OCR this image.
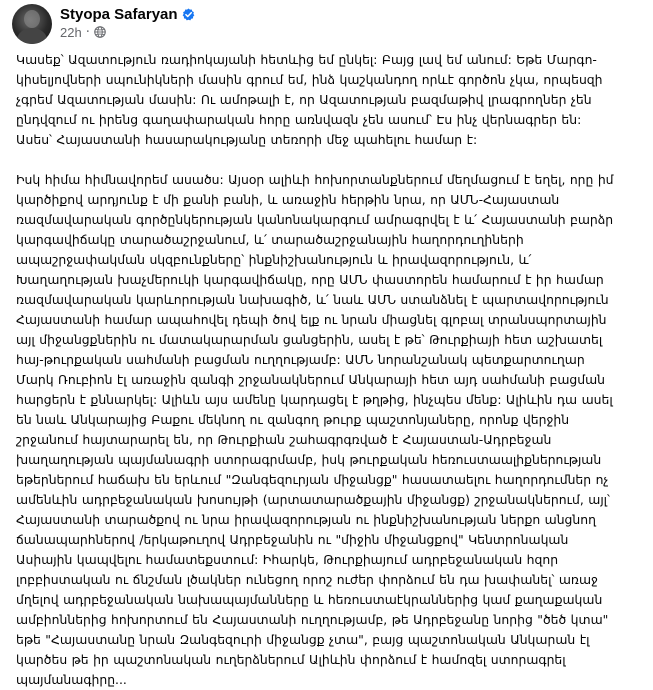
Styopa Safaryan
22h ·
Կասեք՝ Ազատություն ռադիոկայանի հետևից եմ ընկել: Բայց լավ եմ անում: Եթե Մարգո-
կիսելյովների սպունիկների մասին գրում եմ, ինձ կաշկանդող որևէ գործոն չկա, որպեսզի
չգրեմ Ազատության մասին: Ու ամոթալի է, որ Ազատության բազմաթիվ լրագրողներ չեն
ընդվզում ու իրենց գաղափարական հորը առնվազն չեն ասում՝ Էս ինչ վերնագրեր են:
Ասես՝ Հայաստանի հասարակությանը տեռորի մեջ պահելու համար է:
Իսկ հիմա հիմնավորեմ ասածս: Այսօր ալիևի հոխորտանքներում մեղմացում է եղել, որը իմ
կարծիքով արդյունք է մի քանի բանի, և առաջին հերթին նրա, որ ԱՄՆ-Հայաստան
ռազմավարական գործընկերության կանոնակարգում ամրագրվել է և՛ Հայաստանի բարձր
կարգավիճակը տարածաշրջանում, և՛ տարածաշրջանային հաղորդուղիների
ապաշրջափակման սկզբունքները՝ ինքնիշխանություն և իրավազորություն, և՛
Խաղաղության խաչմերուկի կարգավիճակը, որը ԱՄՆ փաստորեն համարում է իր համար
ռազմավարական կարևորության նախագիծ, և՛ նաև ԱՄՆ ստանձնել է պարտավորություն
Հայաստանի համար ապահովել դեպի ծով ելք ու նրան միացնել գլոբալ տրանսպորտային
այլ միջանցքներին ու մատակարարման ցանցերին, ասել է թե՝ Թուրքիայի հետ աշխատել
հայ-թուրքական սահմանի բացման ուղղությամբ: ԱՄՆ նորանշանակ պետքարտուղար
Մարկ Ռուբիոն էլ առաջին զանգի շրջանակներում Անկարայի հետ այդ սահմանի բացման
հարցերն է քննարկել: Ալիևն այս ամենը կարդացել է թղթից, ինչպես մենք: Ալիևին դա ասել
են նաև Անկարայից Բաքու մեկնող ու զանգող թուրք պաշտոնյաները, որոնք վերջին
շրջանում հայտարարել են, որ Թուրքիան շահագրգռված է Հայաստան-Ադրբեջան
խաղաղության պայմանագրի ստորագրմամբ, իսկ թուրքական հեռուստաալիքներության
եթերներում հաճախ են երևում "Զանգեզուրյան միջանցք" հասատաելու հաղորդումներ ոչ
ամենևին ադրբեջանական խոսույթի (արտատարածքային միջանցք) շրջանակներում, այլ՝
Հայաստանի տարածքով ու նրա իրավազորության ու ինքնիշխանության ներքո անցնող
ճանապարհներով /երկաթուղով Ադրբեջանին ու "միջին միջանցքով" Կենտրոնական
Ասիային կապվելու համատեքստում: Իհարկե, Թուրքիայում ադրբեջանական հզոր
լոբբիստական ու ճնշման լծակներ ունեցող որոշ ուժեր փորձում են դա խափանել՝ առաջ
մղելով ադրբեջանական նախապայմանները և հեռուստաէկրաններից կամ քաղաքական
ամբիոններից հոխորտում են Հայաստանի ուղղությամբ, թե Ադրբեջանը նորից "ծեծ կտա"
եթե "Հայաստանը նրան Զանգեզուրի միջանցք չտա", բայց պաշտոնական Անկարան էլ
կարծես թե իր պաշտոնական ուղերձներում Ալիևին փորձում է համոզել ստորագրել
պայմանագիրը...
